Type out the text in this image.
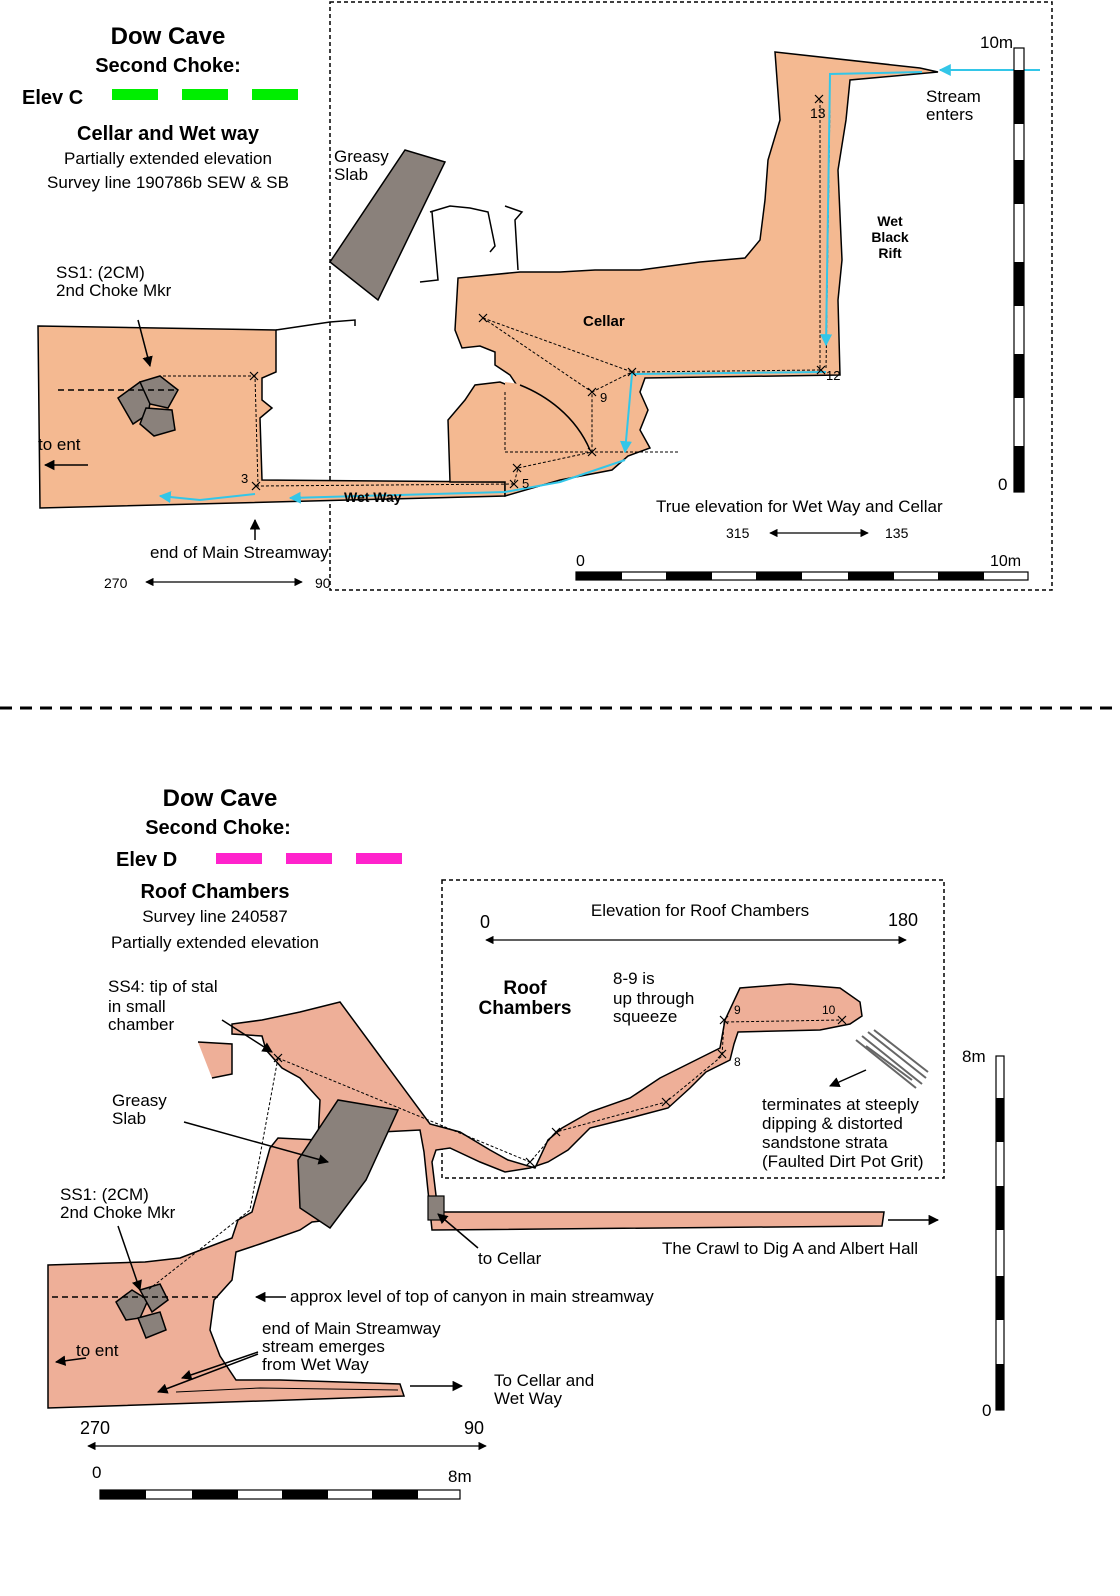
Dow Cave
Second Choke:
Elev C
Cellar and Wet way
Partially extended elevation
Survey line 190786b SEW & SB
Greasy
Slab
SS1: (2CM)
2nd Choke Mkr
to ent
Cellar
Wet
Black
Rift
Stream
enters
Wet Way
end of Main Streamway
True elevation for Wet Way and Cellar
315	135
270	90
0	10m
10m
0
13
12
9
5
3
Dow Cave
Second Choke:
Elev D
Roof Chambers
Survey line 240587
Partially extended elevation
Elevation for Roof Chambers
0	180
Roof
Chambers
8-9 is
up through
squeeze
SS4: tip of stal
in small
chamber
Greasy
Slab
SS1: (2CM)
2nd Choke Mkr
terminates at steeply
dipping & distorted
sandstone strata
(Faulted Dirt Pot Grit)
The Crawl to Dig A and Albert Hall
to Cellar
approx level of top of canyon in main streamway
end of Main Streamway
stream emerges
from Wet Way
to ent
To Cellar and
Wet Way
270	90
0	8m
8m
0
9	10
8
